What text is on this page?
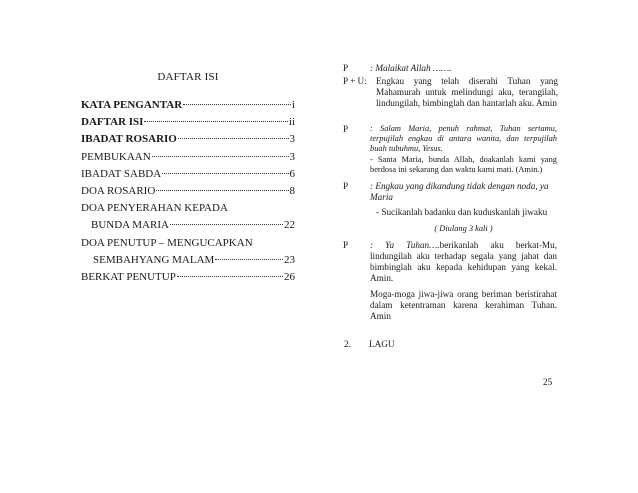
DAFTAR ISI
KATA PENGANTAR	i
DAFTAR ISI	ii
IBADAT ROSARIO	3
PEMBUKAAN	3
IBADAT SABDA	6
DOA ROSARIO	8
DOA PENYERAHAN KEPADA
BUNDA MARIA	22
DOA PENUTUP – MENGUCAPKAN
SEMBAHYANG MALAM	23
BERKAT PENUTUP	26
P : Malaikat Allah …….
P + U: Engkau yang telah diserahi Tuhan yang Mahamurah untuk melindungi aku, terangilah, lindungilah, bimbinglah dan hantarlah aku. Amin
P	: Salam Maria, penuh rahmat, Tuhan sertamu, terpujilah engkau di antara wanita, dan terpujilah buah tubuhmu, Yesus.
- Santa Maria, bunda Allah, doakanlah kami yang berdosa ini sekarang dan waktu kami mati. (Amin.)
P : Engkau yang dikandung tidak dengan noda, ya Maria
- Sucikanlah badanku dan kuduskanlah jiwaku
( Diulang 3 kali )
P : Ya Tuhan….berikanlah aku berkat-Mu, lindungilah aku terhadap segala yang jahat dan bimbinglah aku kepada kehidupan yang kekal. Amin.
Moga-moga jiwa-jiwa orang beriman beristirahat dalam ketentraman karena kerahiman Tuhan. Amin
2. LAGU
25
